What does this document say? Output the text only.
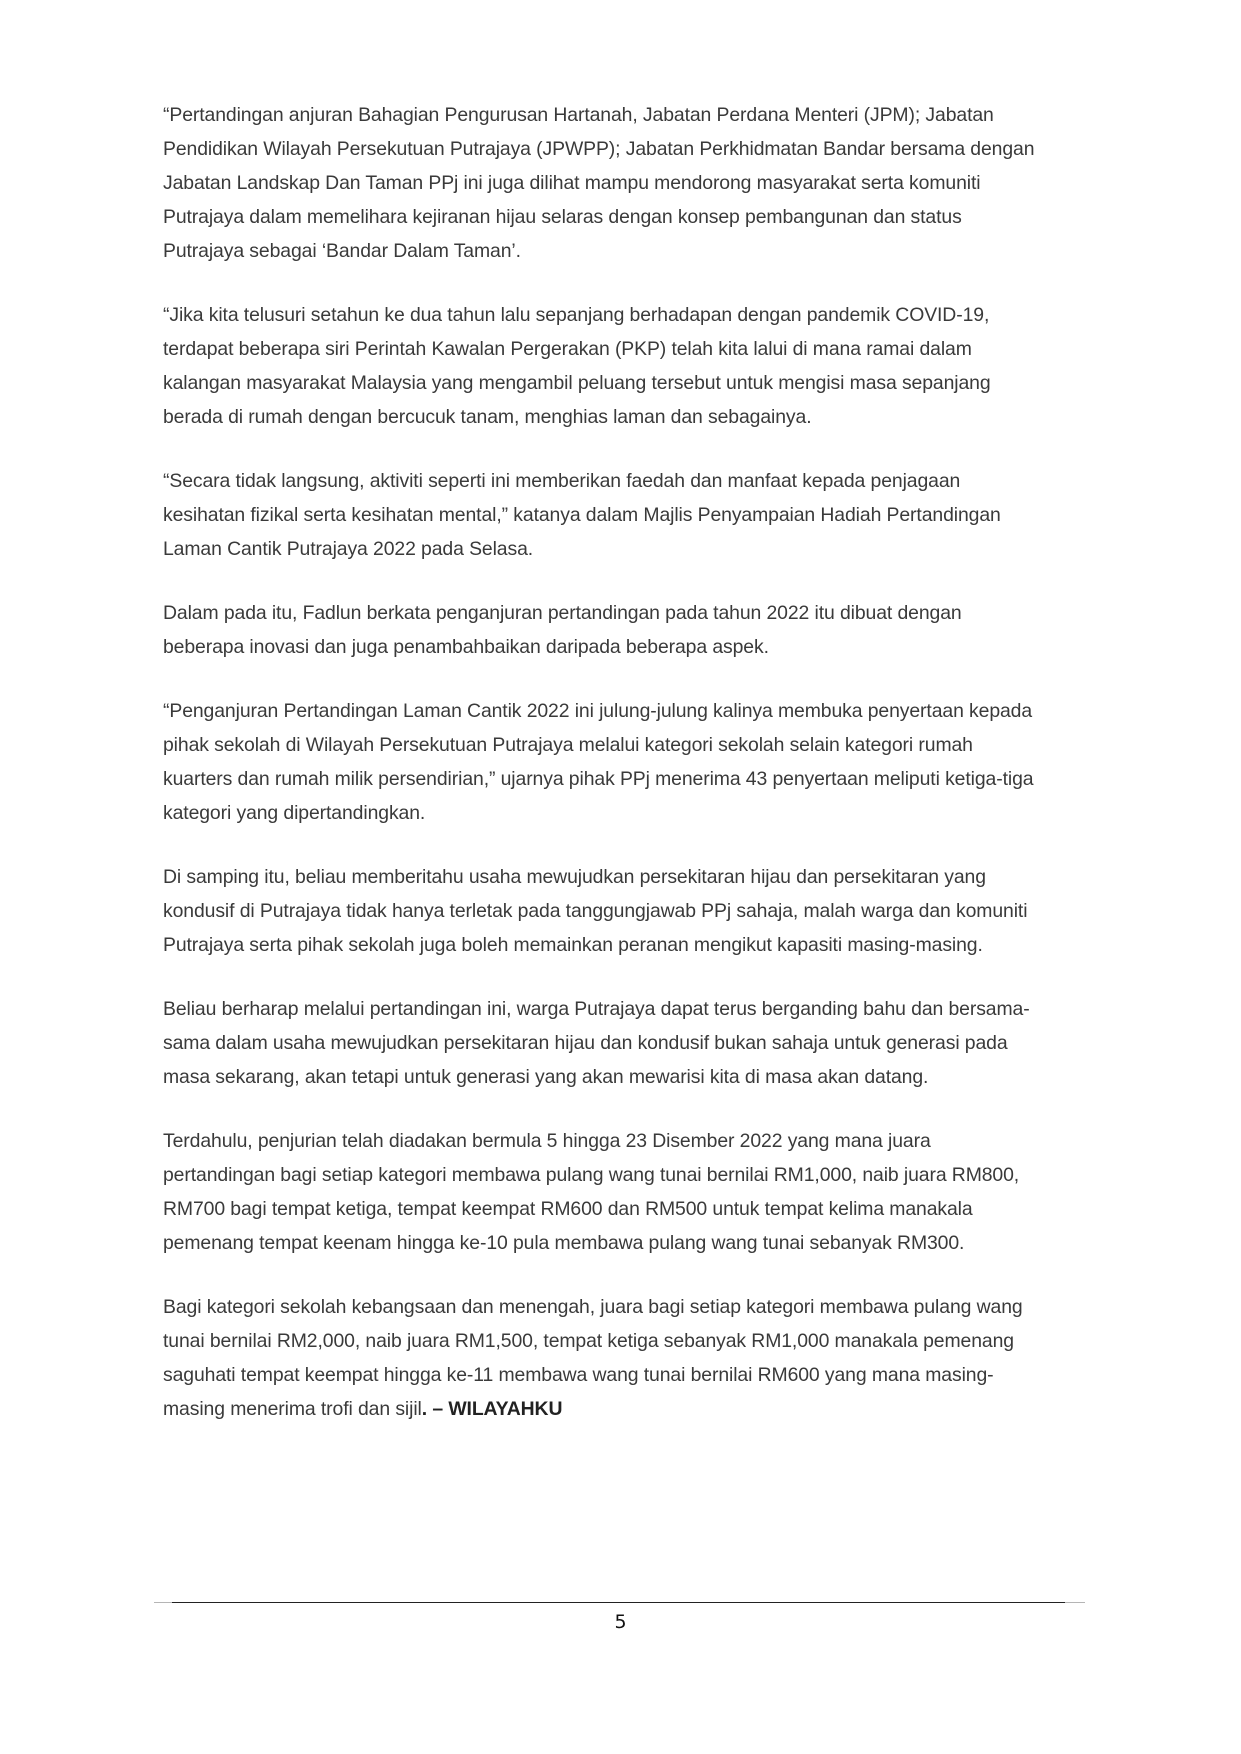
“Pertandingan anjuran Bahagian Pengurusan Hartanah, Jabatan Perdana Menteri (JPM); Jabatan
Pendidikan Wilayah Persekutuan Putrajaya (JPWPP); Jabatan Perkhidmatan Bandar bersama dengan
Jabatan Landskap Dan Taman PPj ini juga dilihat mampu mendorong masyarakat serta komuniti
Putrajaya dalam memelihara kejiranan hijau selaras dengan konsep pembangunan dan status
Putrajaya sebagai ‘Bandar Dalam Taman’.

“Jika kita telusuri setahun ke dua tahun lalu sepanjang berhadapan dengan pandemik COVID-19,
terdapat beberapa siri Perintah Kawalan Pergerakan (PKP) telah kita lalui di mana ramai dalam
kalangan masyarakat Malaysia yang mengambil peluang tersebut untuk mengisi masa sepanjang
berada di rumah dengan bercucuk tanam, menghias laman dan sebagainya.

“Secara tidak langsung, aktiviti seperti ini memberikan faedah dan manfaat kepada penjagaan
kesihatan fizikal serta kesihatan mental,” katanya dalam Majlis Penyampaian Hadiah Pertandingan
Laman Cantik Putrajaya 2022 pada Selasa.

Dalam pada itu, Fadlun berkata penganjuran pertandingan pada tahun 2022 itu dibuat dengan
beberapa inovasi dan juga penambahbaikan daripada beberapa aspek.

“Penganjuran Pertandingan Laman Cantik 2022 ini julung-julung kalinya membuka penyertaan kepada
pihak sekolah di Wilayah Persekutuan Putrajaya melalui kategori sekolah selain kategori rumah
kuarters dan rumah milik persendirian,” ujarnya pihak PPj menerima 43 penyertaan meliputi ketiga-tiga
kategori yang dipertandingkan.

Di samping itu, beliau memberitahu usaha mewujudkan persekitaran hijau dan persekitaran yang
kondusif di Putrajaya tidak hanya terletak pada tanggungjawab PPj sahaja, malah warga dan komuniti
Putrajaya serta pihak sekolah juga boleh memainkan peranan mengikut kapasiti masing-masing.

Beliau berharap melalui pertandingan ini, warga Putrajaya dapat terus berganding bahu dan bersama-
sama dalam usaha mewujudkan persekitaran hijau dan kondusif bukan sahaja untuk generasi pada
masa sekarang, akan tetapi untuk generasi yang akan mewarisi kita di masa akan datang.

Terdahulu, penjurian telah diadakan bermula 5 hingga 23 Disember 2022 yang mana juara
pertandingan bagi setiap kategori membawa pulang wang tunai bernilai RM1,000, naib juara RM800,
RM700 bagi tempat ketiga, tempat keempat RM600 dan RM500 untuk tempat kelima manakala
pemenang tempat keenam hingga ke-10 pula membawa pulang wang tunai sebanyak RM300.

Bagi kategori sekolah kebangsaan dan menengah, juara bagi setiap kategori membawa pulang wang
tunai bernilai RM2,000, naib juara RM1,500, tempat ketiga sebanyak RM1,000 manakala pemenang
saguhati tempat keempat hingga ke-11 membawa wang tunai bernilai RM600 yang mana masing-
masing menerima trofi dan sijil. – WILAYAHKU

5
